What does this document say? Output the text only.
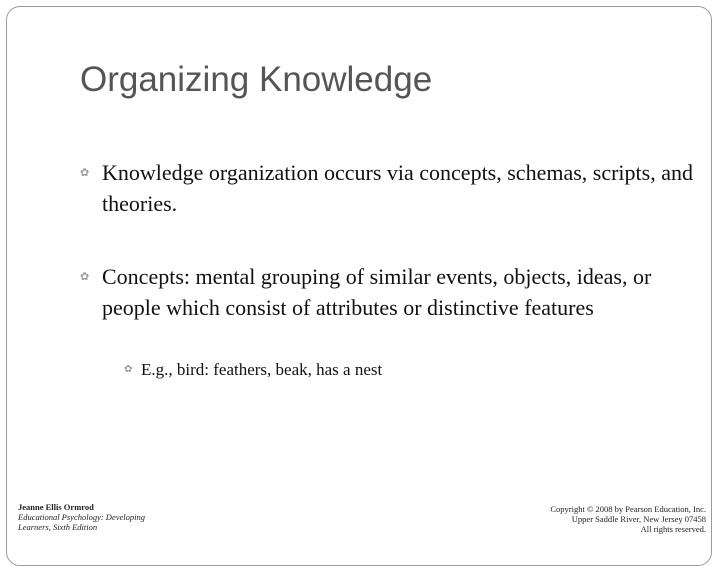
Organizing Knowledge
✿ Knowledge organization occurs via concepts, schemas, scripts, and theories.
✿ Concepts: mental grouping of similar events, objects, ideas, or people which consist of attributes or distinctive features
✿ E.g., bird: feathers, beak, has a nest
Jeanne Ellis Ormrod
Educational Psychology: Developing
Learners, Sixth Edition
Copyright © 2008 by Pearson Education, Inc.
Upper Saddle River, New Jersey 07458
All rights reserved.
